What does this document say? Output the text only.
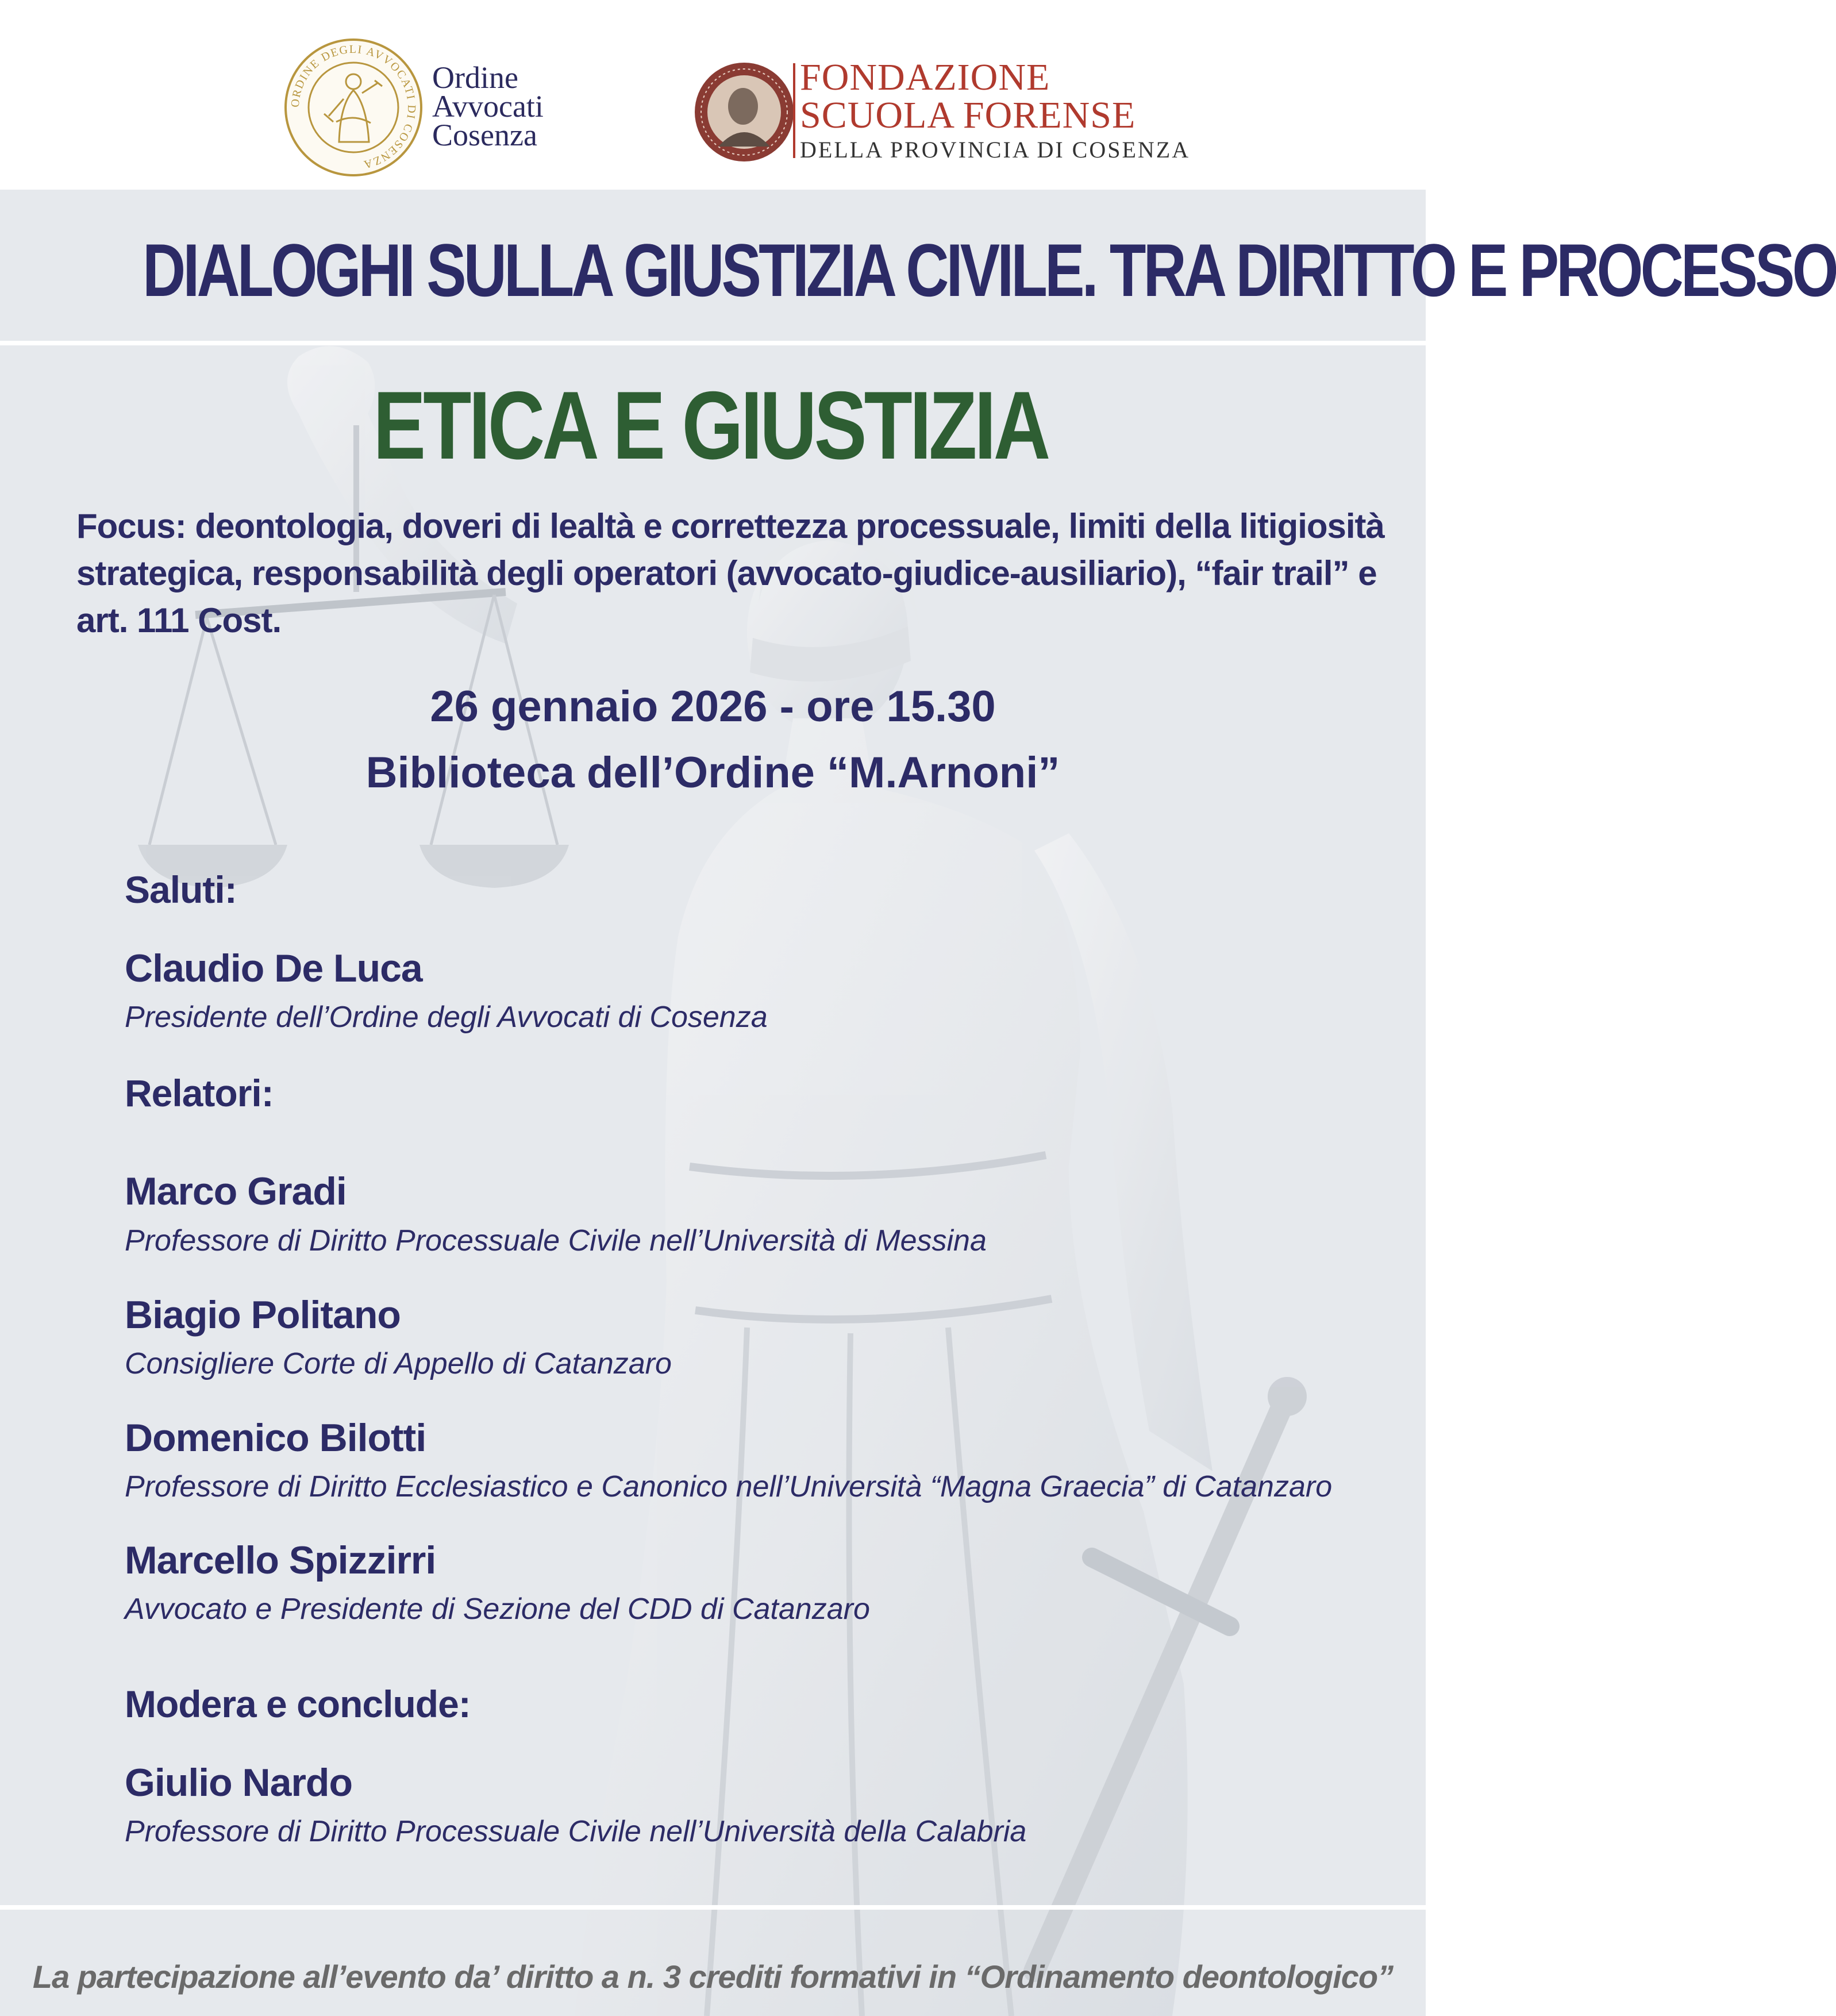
ORDINE DEGLI AVVOCATI DI COSENZA
Ordine
Avvocati
Cosenza
FONDAZIONE
SCUOLA FORENSE
DELLA PROVINCIA DI COSENZA
DIALOGHI SULLA GIUSTIZIA CIVILE. TRA DIRITTO E PROCESSO
ETICA E GIUSTIZIA
Focus: deontologia, doveri di lealtà e correttezza processuale, limiti della litigiosità strategica, responsabilità degli operatori (avvocato-giudice-ausiliario), “fair trail” e art. 111 Cost.
26 gennaio 2026 - ore 15.30
Biblioteca dell’Ordine “M.Arnoni”
Saluti:
Claudio De Luca
Presidente dell’Ordine degli Avvocati di Cosenza
Relatori:
Marco Gradi
Professore di Diritto Processuale Civile nell’Università di Messina
Biagio Politano
Consigliere Corte di Appello di Catanzaro
Domenico Bilotti
Professore di Diritto Ecclesiastico e Canonico nell’Università “Magna Graecia” di Catanzaro
Marcello Spizzirri
Avvocato e Presidente di Sezione del CDD di Catanzaro
Modera e conclude:
Giulio Nardo
Professore di Diritto Processuale Civile nell’Università della Calabria
La partecipazione all’evento da’ diritto a n. 3 crediti formativi in “Ordinamento deontologico”
